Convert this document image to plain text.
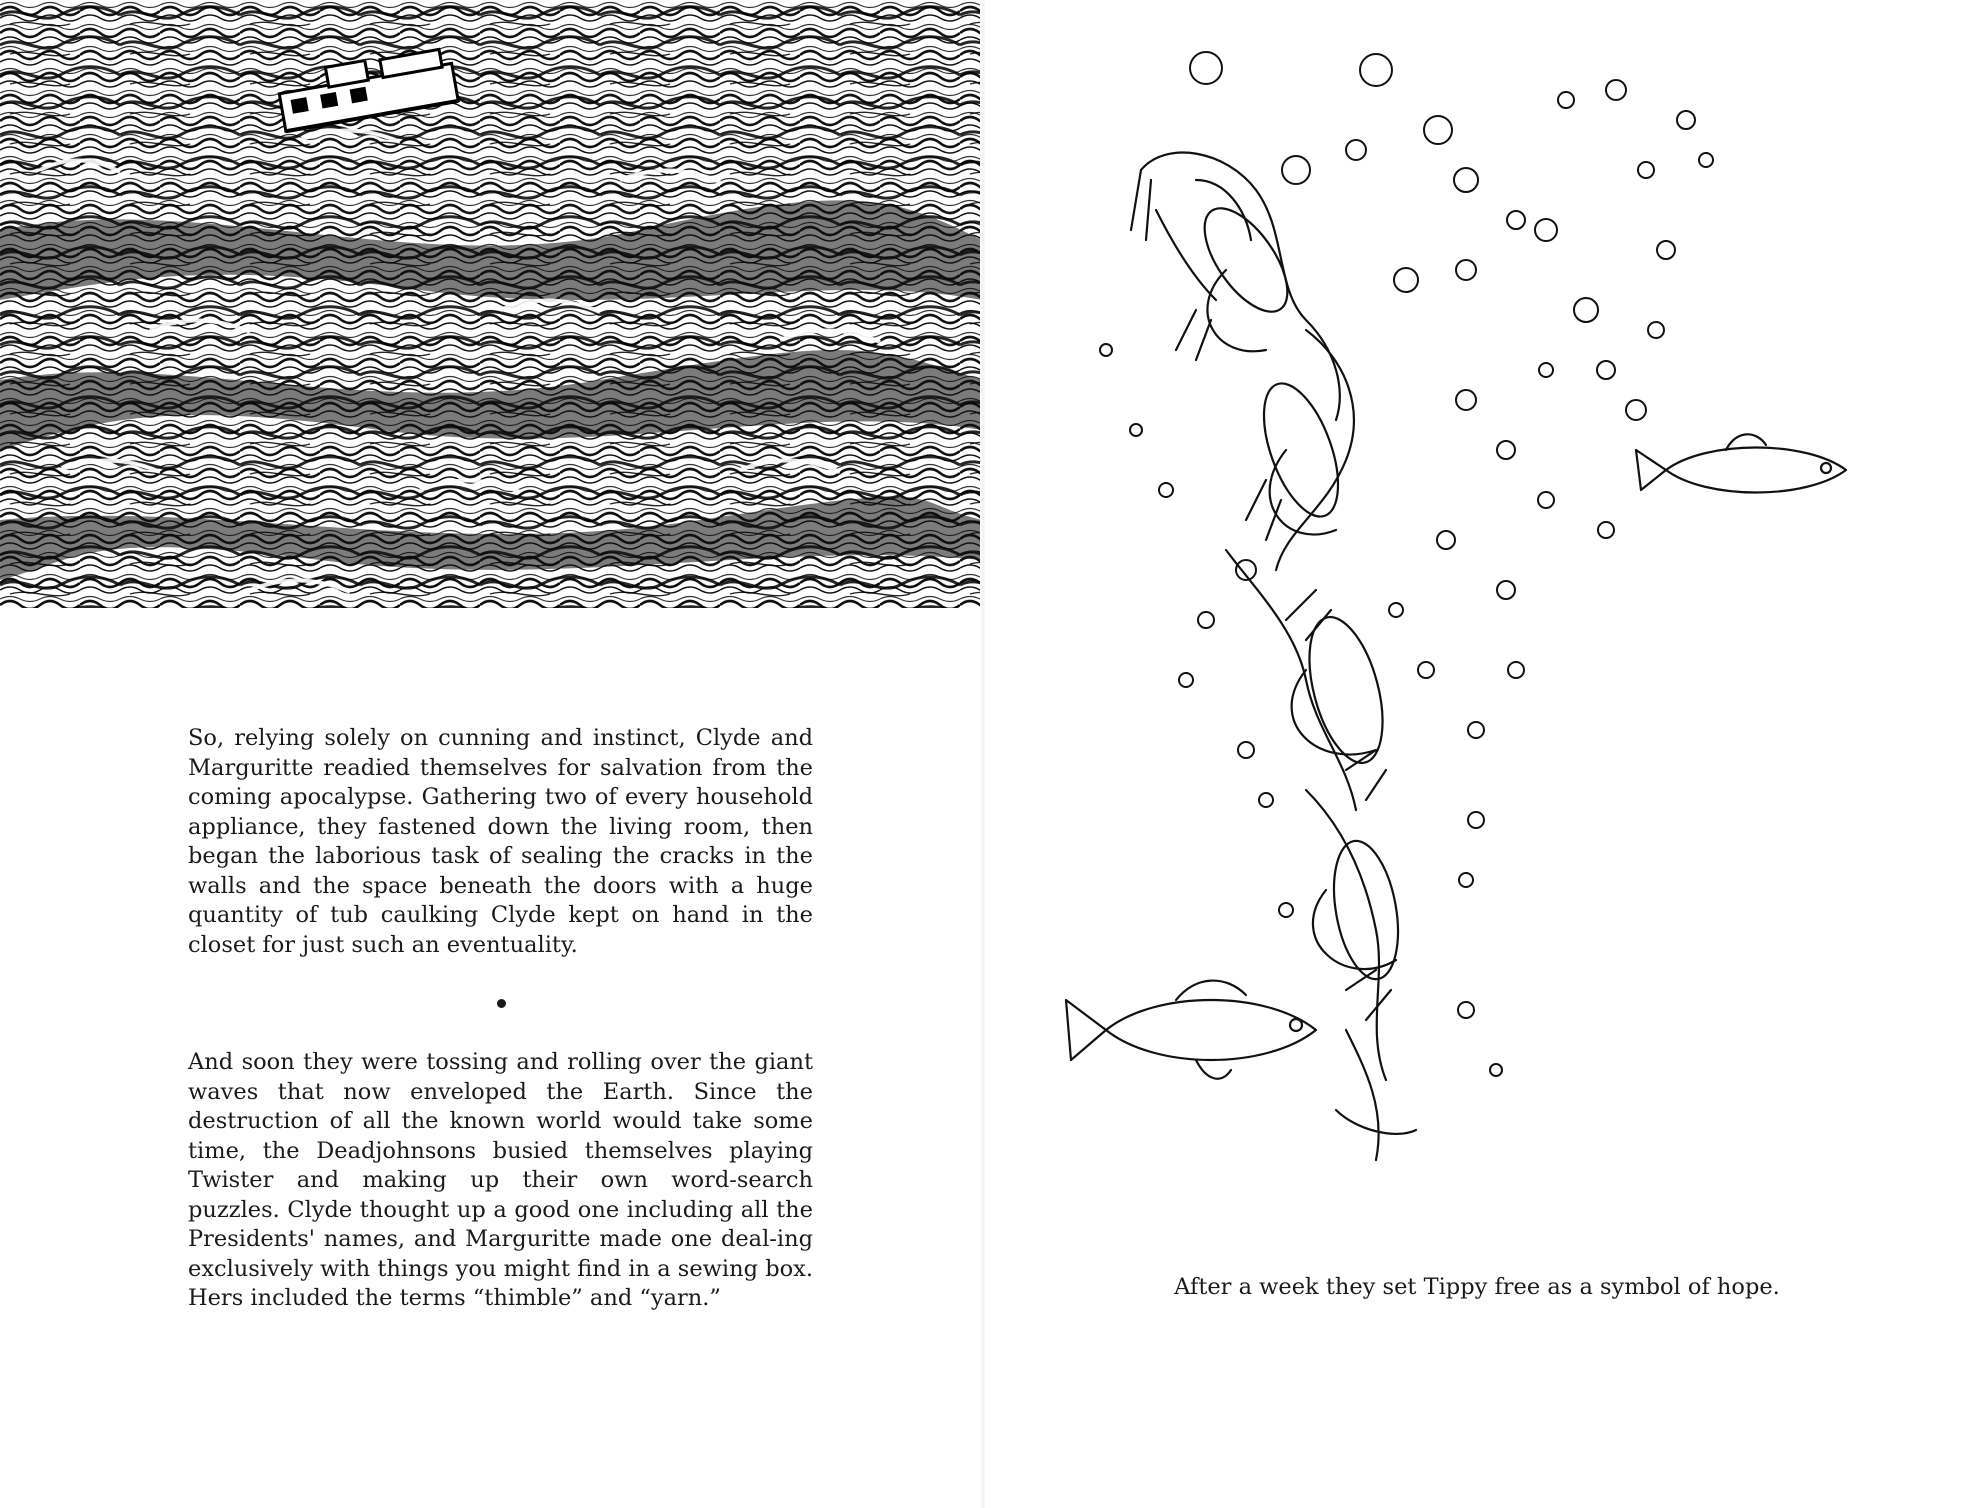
So, relying solely on cunning and instinct, Clyde and Marguritte readied themselves for salvation from the coming apocalypse. Gathering two of every household appliance, they fastened down the living room, then began the laborious task of sealing the cracks in the walls and the space beneath the doors with a huge quantity of tub caulking Clyde kept on hand in the closet for just such an eventuality.
And soon they were tossing and rolling over the giant waves that now enveloped the Earth. Since the destruction of all the known world would take some time, the Deadjohnsons busied themselves playing Twister and making up their own word-search puzzles. Clyde thought up a good one including all the Presidents' names, and Marguritte made one deal-ing exclusively with things you might find in a sewing box. Hers included the terms “thimble” and “yarn.”	After a week they set Tippy free as a symbol of hope.
